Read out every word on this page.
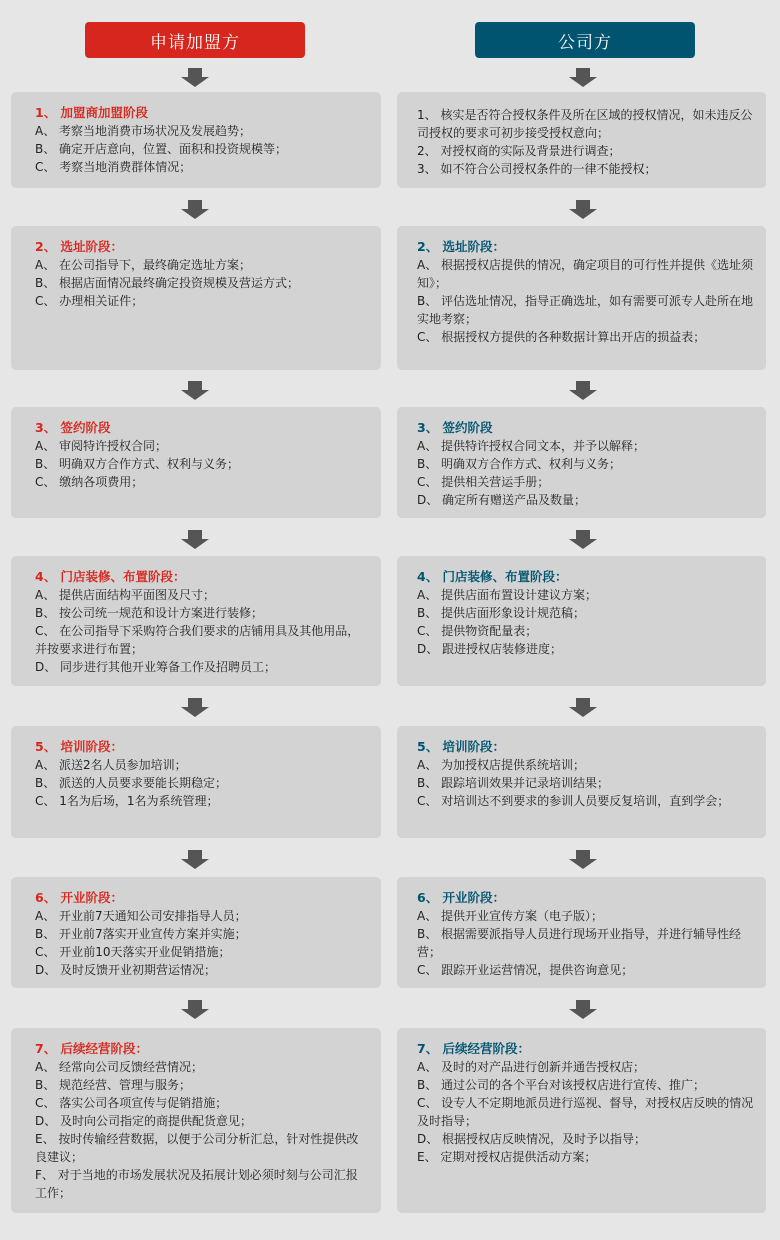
申请加盟方	公司方
1、 加盟商加盟阶段
A、 考察当地消费市场状况及发展趋势；
B、 确定开店意向，位置、面积和投资规模等；
C、 考察当地消费群体情况；
1、 核实是否符合授权条件及所在区域的授权情况，如未违反公司授权的要求可初步接受授权意向；
2、 对授权商的实际及背景进行调查；
3、 如不符合公司授权条件的一律不能授权；
2、 选址阶段：
A、 在公司指导下，最终确定选址方案；
B、 根据店面情况最终确定投资规模及营运方式；
C、 办理相关证件；
2、 选址阶段：
A、 根据授权店提供的情况，确定项目的可行性并提供《选址须知》；
B、 评估选址情况，指导正确选址，如有需要可派专人赴所在地实地考察；
C、 根据授权方提供的各种数据计算出开店的损益表；
3、 签约阶段
A、 审阅特许授权合同；
B、 明确双方合作方式、权利与义务；
C、 缴纳各项费用；
3、 签约阶段
A、 提供特许授权合同文本，并予以解释；
B、 明确双方合作方式、权利与义务；
C、 提供相关营运手册；
D、 确定所有赠送产品及数量；
4、 门店装修、布置阶段：
A、 提供店面结构平面图及尺寸；
B、 按公司统一规范和设计方案进行装修；
C、 在公司指导下采购符合我们要求的店铺用具及其他用品，并按要求进行布置；
D、 同步进行其他开业筹备工作及招聘员工；
4、 门店装修、布置阶段：
A、 提供店面布置设计建议方案；
B、 提供店面形象设计规范稿；
C、 提供物资配量表；
D、 跟进授权店装修进度；
5、 培训阶段：
A、 派送2名人员参加培训；
B、 派送的人员要求要能长期稳定；
C、 1名为后场，1名为系统管理；
5、 培训阶段：
A、 为加授权店提供系统培训；
B、 跟踪培训效果并记录培训结果；
C、 对培训达不到要求的参训人员要反复培训，直到学会；
6、 开业阶段：
A、 开业前7天通知公司安排指导人员；
B、 开业前7落实开业宣传方案并实施；
C、 开业前10天落实开业促销措施；
D、 及时反馈开业初期营运情况；
6、 开业阶段：
A、 提供开业宣传方案（电子版）；
B、 根据需要派指导人员进行现场开业指导，并进行辅导性经营；
C、 跟踪开业运营情况，提供咨询意见；
7、 后续经营阶段：
A、 经常向公司反馈经营情况；
B、 规范经营、管理与服务；
C、 落实公司各项宣传与促销措施；
D、 及时向公司指定的商提供配货意见；
E、 按时传输经营数据，以便于公司分析汇总，针对性提供改良建议；
F、 对于当地的市场发展状况及拓展计划必须时刻与公司汇报工作；
7、 后续经营阶段：
A、 及时的对产品进行创新并通告授权店；
B、 通过公司的各个平台对该授权店进行宣传、推广；
C、 设专人不定期地派员进行巡视、督导，对授权店反映的情况及时指导；
D、 根据授权店反映情况，及时予以指导；
E、 定期对授权店提供活动方案；
